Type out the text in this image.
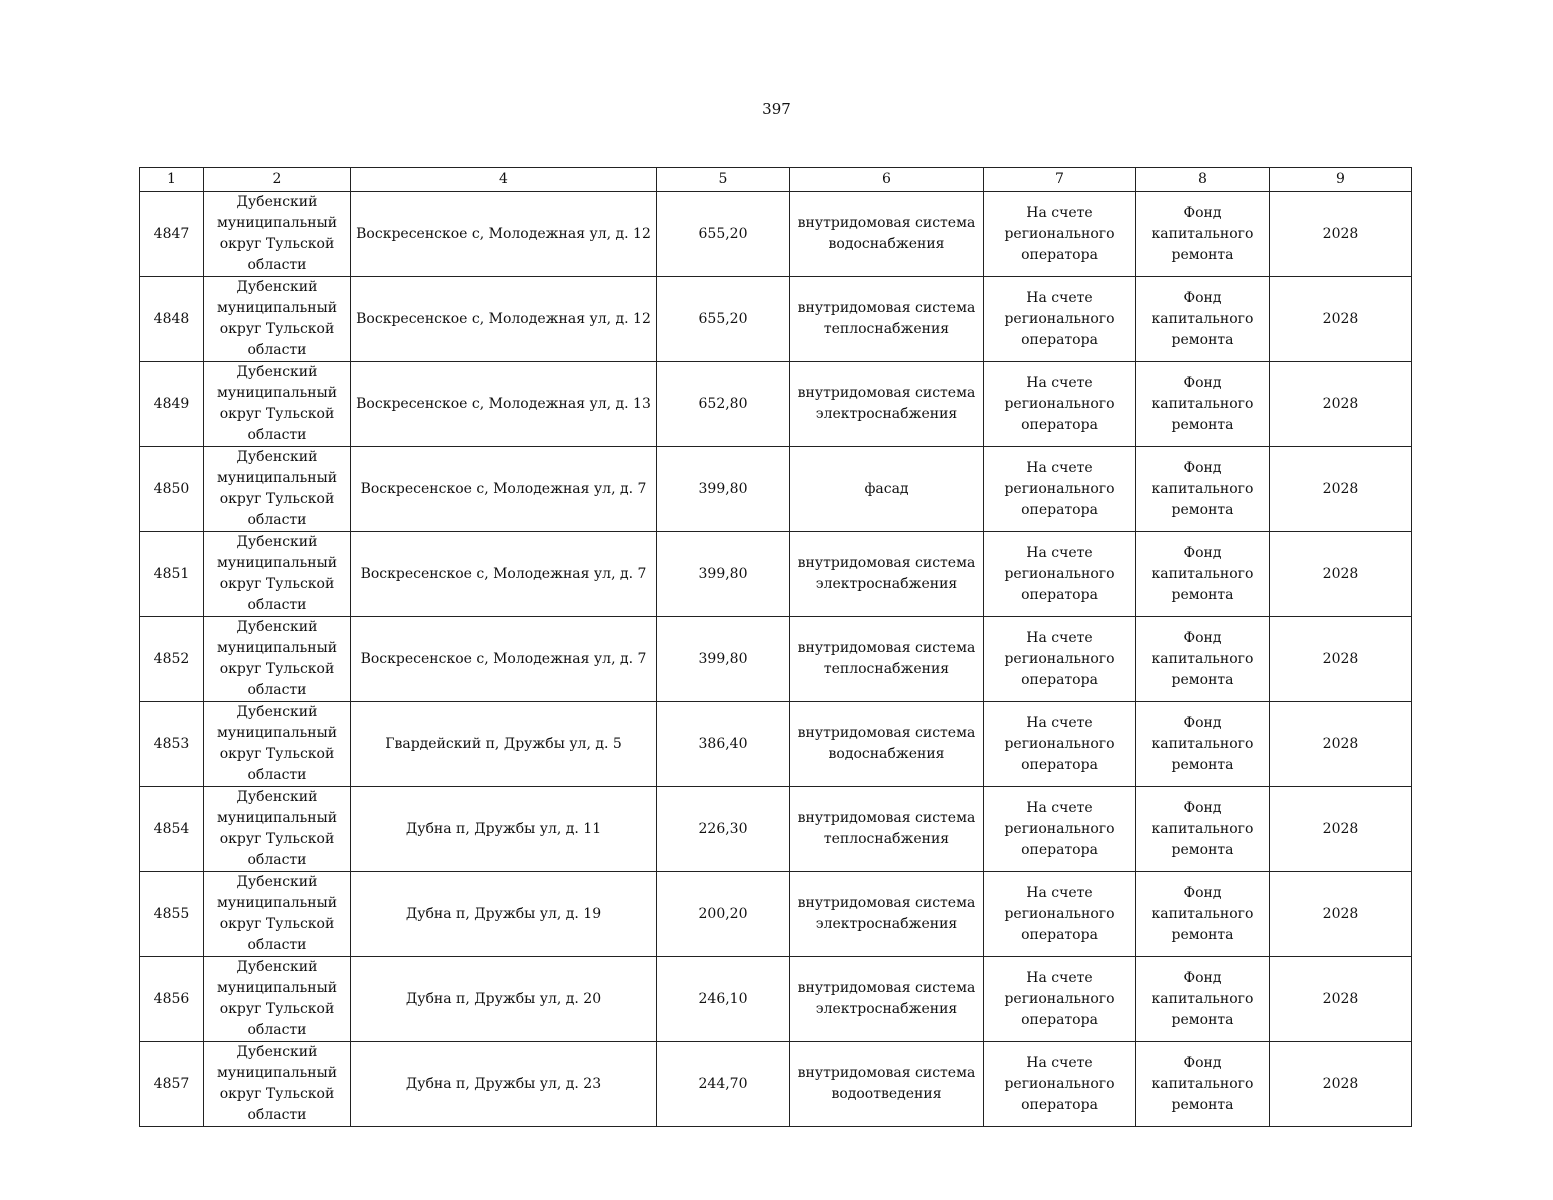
397
1	2	4	5	6	7	8	9
4847	Дубенский муниципальный округ Тульской области	Воскресенское с, Молодежная ул, д. 12	655,20	внутридомовая система водоснабжения	На счете регионального оператора	Фонд капитального ремонта	2028
4848	Дубенский муниципальный округ Тульской области	Воскресенское с, Молодежная ул, д. 12	655,20	внутридомовая система теплоснабжения	На счете регионального оператора	Фонд капитального ремонта	2028
4849	Дубенский муниципальный округ Тульской области	Воскресенское с, Молодежная ул, д. 13	652,80	внутридомовая система электроснабжения	На счете регионального оператора	Фонд капитального ремонта	2028
4850	Дубенский муниципальный округ Тульской области	Воскресенское с, Молодежная ул, д. 7	399,80	фасад	На счете регионального оператора	Фонд капитального ремонта	2028
4851	Дубенский муниципальный округ Тульской области	Воскресенское с, Молодежная ул, д. 7	399,80	внутридомовая система электроснабжения	На счете регионального оператора	Фонд капитального ремонта	2028
4852	Дубенский муниципальный округ Тульской области	Воскресенское с, Молодежная ул, д. 7	399,80	внутридомовая система теплоснабжения	На счете регионального оператора	Фонд капитального ремонта	2028
4853	Дубенский муниципальный округ Тульской области	Гвардейский п, Дружбы ул, д. 5	386,40	внутридомовая система водоснабжения	На счете регионального оператора	Фонд капитального ремонта	2028
4854	Дубенский муниципальный округ Тульской области	Дубна п, Дружбы ул, д. 11	226,30	внутридомовая система теплоснабжения	На счете регионального оператора	Фонд капитального ремонта	2028
4855	Дубенский муниципальный округ Тульской области	Дубна п, Дружбы ул, д. 19	200,20	внутридомовая система электроснабжения	На счете регионального оператора	Фонд капитального ремонта	2028
4856	Дубенский муниципальный округ Тульской области	Дубна п, Дружбы ул, д. 20	246,10	внутридомовая система электроснабжения	На счете регионального оператора	Фонд капитального ремонта	2028
4857	Дубенский муниципальный округ Тульской области	Дубна п, Дружбы ул, д. 23	244,70	внутридомовая система водоотведения	На счете регионального оператора	Фонд капитального ремонта	2028
